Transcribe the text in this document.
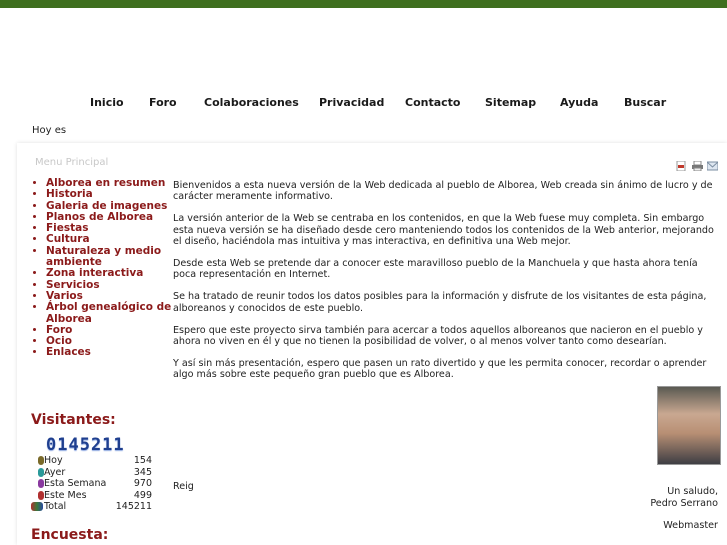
Inicio Foro Colaboraciones Privacidad Contacto Sitemap Ayuda Buscar
Hoy es
Menu Principal
• Alborea en resumen
• Historia
• Galeria de imagenes
• Planos de Alborea
• Fiestas
• Cultura
• Naturaleza y medio ambiente
• Zona interactiva
• Servicios
• Varios
• Árbol genealógico de Alborea
• Foro
• Ocio
• Enlaces
Visitantes:
0145211
Hoy	154
Ayer	345
Esta Semana	970
Este Mes	499
Total	145211
Encuesta:

Bienvenidos a esta nueva versión de la Web dedicada al pueblo de Alborea, Web creada sin ánimo de lucro y de carácter meramente informativo.

La versión anterior de la Web se centraba en los contenidos, en que la Web fuese muy completa. Sin embargo esta nueva versión se ha diseñado desde cero manteniendo todos los contenidos de la Web anterior, mejorando el diseño, haciéndola mas intuitiva y mas interactiva, en definitiva una Web mejor.

Desde esta Web se pretende dar a conocer este maravilloso pueblo de la Manchuela y que hasta ahora tenía poca representación en Internet.

Se ha tratado de reunir todos los datos posibles para la información y disfrute de los visitantes de esta página, alboreanos y conocidos de este pueblo.

Espero que este proyecto sirva también para acercar a todos aquellos alboreanos que nacieron en el pueblo y ahora no viven en él y que no tienen la posibilidad de volver, o al menos volver tanto como desearían.

Y así sin más presentación, espero que pasen un rato divertido y que les permita conocer, recordar o aprender algo más sobre este pequeño gran pueblo que es Alborea.

Un saludo,
Pedro Serrano
Webmaster
Reig
